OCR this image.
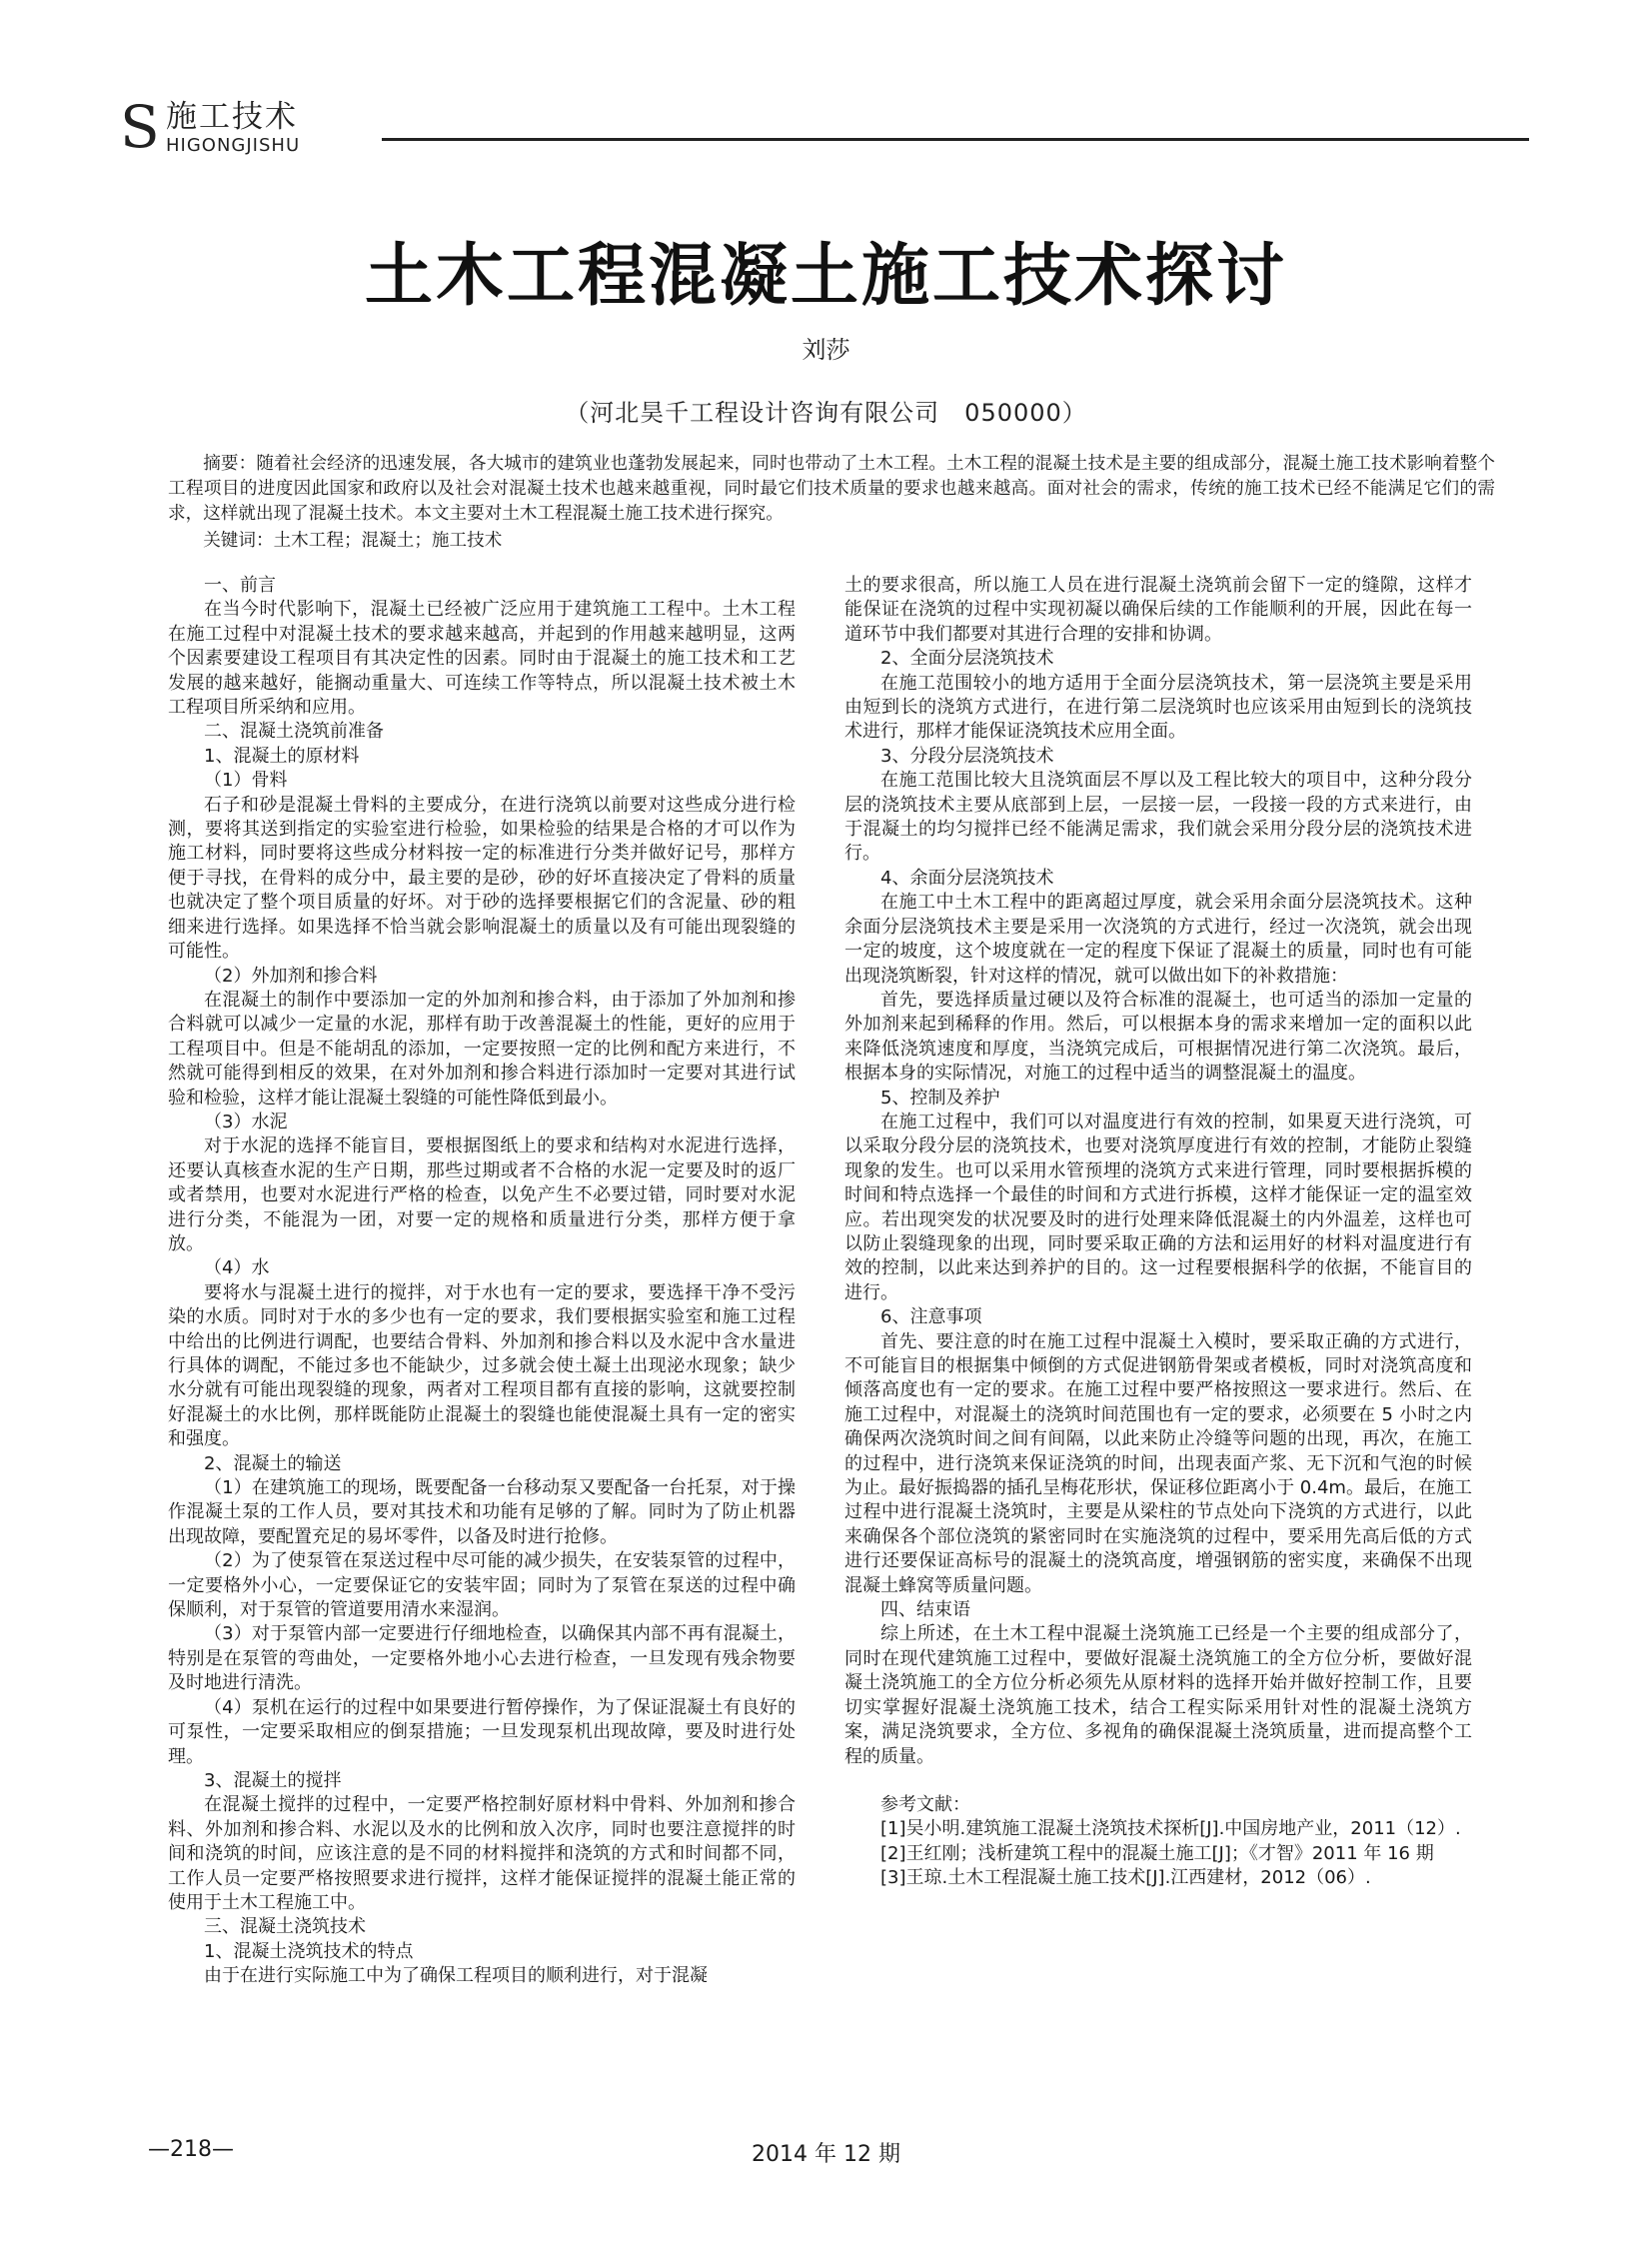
S 施工技术
HIGONGJISHU
土木工程混凝土施工技术探讨
刘莎
（河北昊千工程设计咨询有限公司　050000）
摘要：随着社会经济的迅速发展，各大城市的建筑业也蓬勃发展起来，同时也带动了土木工程。土木工程的混凝土技术是主要的组成部分，混凝土施工技术影响着整个工程项目的进度因此国家和政府以及社会对混凝土技术也越来越重视，同时最它们技术质量的要求也越来越高。面对社会的需求，传统的施工技术已经不能满足它们的需求，这样就出现了混凝土技术。本文主要对土木工程混凝土施工技术进行探究。
关键词：土木工程；混凝土；施工技术

一、前言

在当今时代影响下，混凝土已经被广泛应用于建筑施工工程中。土木工程在施工过程中对混凝土技术的要求越来越高，并起到的作用越来越明显，这两个因素要建设工程项目有其决定性的因素。同时由于混凝土的施工技术和工艺发展的越来越好，能搁动重量大、可连续工作等特点，所以混凝土技术被土木工程项目所采纳和应用。

二、混凝土浇筑前准备

1、混凝土的原材料

（1）骨料

石子和砂是混凝土骨料的主要成分，在进行浇筑以前要对这些成分进行检测，要将其送到指定的实验室进行检验，如果检验的结果是合格的才可以作为施工材料，同时要将这些成分材料按一定的标准进行分类并做好记号，那样方便于寻找，在骨料的成分中，最主要的是砂，砂的好坏直接决定了骨料的质量也就决定了整个项目质量的好坏。对于砂的选择要根据它们的含泥量、砂的粗细来进行选择。如果选择不恰当就会影响混凝土的质量以及有可能出现裂缝的可能性。

（2）外加剂和掺合料

在混凝土的制作中要添加一定的外加剂和掺合料，由于添加了外加剂和掺合料就可以减少一定量的水泥，那样有助于改善混凝土的性能，更好的应用于工程项目中。但是不能胡乱的添加，一定要按照一定的比例和配方来进行，不然就可能得到相反的效果，在对外加剂和掺合料进行添加时一定要对其进行试验和检验，这样才能让混凝土裂缝的可能性降低到最小。

（3）水泥

对于水泥的选择不能盲目，要根据图纸上的要求和结构对水泥进行选择，还要认真核查水泥的生产日期，那些过期或者不合格的水泥一定要及时的返厂或者禁用，也要对水泥进行严格的检查，以免产生不必要过错，同时要对水泥进行分类，不能混为一团，对要一定的规格和质量进行分类，那样方便于拿放。

（4）水

要将水与混凝土进行的搅拌，对于水也有一定的要求，要选择干净不受污染的水质。同时对于水的多少也有一定的要求，我们要根据实验室和施工过程中给出的比例进行调配，也要结合骨料、外加剂和掺合料以及水泥中含水量进行具体的调配，不能过多也不能缺少，过多就会使土凝土出现泌水现象；缺少水分就有可能出现裂缝的现象，两者对工程项目都有直接的影响，这就要控制好混凝土的水比例，那样既能防止混凝土的裂缝也能使混凝土具有一定的密实和强度。

2、混凝土的输送

（1）在建筑施工的现场，既要配备一台移动泵又要配备一台托泵，对于操作混凝土泵的工作人员，要对其技术和功能有足够的了解。同时为了防止机器出现故障，要配置充足的易坏零件，以备及时进行抢修。

（2）为了使泵管在泵送过程中尽可能的减少损失，在安装泵管的过程中，一定要格外小心，一定要保证它的安装牢固；同时为了泵管在泵送的过程中确保顺利，对于泵管的管道要用清水来湿润。

（3）对于泵管内部一定要进行仔细地检查，以确保其内部不再有混凝土，特别是在泵管的弯曲处，一定要格外地小心去进行检查，一旦发现有残余物要及时地进行清洗。

（4）泵机在运行的过程中如果要进行暂停操作，为了保证混凝土有良好的可泵性，一定要采取相应的倒泵措施；一旦发现泵机出现故障，要及时进行处理。

3、混凝土的搅拌

在混凝土搅拌的过程中，一定要严格控制好原材料中骨料、外加剂和掺合料、外加剂和掺合料、水泥以及水的比例和放入次序，同时也要注意搅拌的时间和浇筑的时间，应该注意的是不同的材料搅拌和浇筑的方式和时间都不同，工作人员一定要严格按照要求进行搅拌，这样才能保证搅拌的混凝土能正常的使用于土木工程施工中。

三、混凝土浇筑技术

1、混凝土浇筑技术的特点

由于在进行实际施工中为了确保工程项目的顺利进行，对于混凝

土的要求很高，所以施工人员在进行混凝土浇筑前会留下一定的缝隙，这样才能保证在浇筑的过程中实现初凝以确保后续的工作能顺利的开展，因此在每一道环节中我们都要对其进行合理的安排和协调。

2、全面分层浇筑技术

在施工范围较小的地方适用于全面分层浇筑技术，第一层浇筑主要是采用由短到长的浇筑方式进行，在进行第二层浇筑时也应该采用由短到长的浇筑技术进行，那样才能保证浇筑技术应用全面。

3、分段分层浇筑技术

在施工范围比较大且浇筑面层不厚以及工程比较大的项目中，这种分段分层的浇筑技术主要从底部到上层，一层接一层，一段接一段的方式来进行，由于混凝土的均匀搅拌已经不能满足需求，我们就会采用分段分层的浇筑技术进行。

4、余面分层浇筑技术

在施工中土木工程中的距离超过厚度，就会采用余面分层浇筑技术。这种余面分层浇筑技术主要是采用一次浇筑的方式进行，经过一次浇筑，就会出现一定的坡度，这个坡度就在一定的程度下保证了混凝土的质量，同时也有可能出现浇筑断裂，针对这样的情况，就可以做出如下的补救措施：

首先，要选择质量过硬以及符合标准的混凝土，也可适当的添加一定量的外加剂来起到稀释的作用。然后，可以根据本身的需求来增加一定的面积以此来降低浇筑速度和厚度，当浇筑完成后，可根据情况进行第二次浇筑。最后，根据本身的实际情况，对施工的过程中适当的调整混凝土的温度。

5、控制及养护

在施工过程中，我们可以对温度进行有效的控制，如果夏天进行浇筑，可以采取分段分层的浇筑技术，也要对浇筑厚度进行有效的控制，才能防止裂缝现象的发生。也可以采用水管预埋的浇筑方式来进行管理，同时要根据拆模的时间和特点选择一个最佳的时间和方式进行拆模，这样才能保证一定的温室效应。若出现突发的状况要及时的进行处理来降低混凝土的内外温差，这样也可以防止裂缝现象的出现，同时要采取正确的方法和运用好的材料对温度进行有效的控制，以此来达到养护的目的。这一过程要根据科学的依据，不能盲目的进行。

6、注意事项

首先、要注意的时在施工过程中混凝土入模时，要采取正确的方式进行，不可能盲目的根据集中倾倒的方式促进钢筋骨架或者模板，同时对浇筑高度和倾落高度也有一定的要求。在施工过程中要严格按照这一要求进行。然后、在施工过程中，对混凝土的浇筑时间范围也有一定的要求，必须要在 5 小时之内确保两次浇筑时间之间有间隔，以此来防止冷缝等问题的出现，再次，在施工的过程中，进行浇筑来保证浇筑的时间，出现表面产浆、无下沉和气泡的时候为止。最好振捣器的插孔呈梅花形状，保证移位距离小于 0.4m。最后，在施工过程中进行混凝土浇筑时，主要是从梁柱的节点处向下浇筑的方式进行，以此来确保各个部位浇筑的紧密同时在实施浇筑的过程中，要采用先高后低的方式进行还要保证高标号的混凝土的浇筑高度，增强钢筋的密实度，来确保不出现混凝土蜂窝等质量问题。

四、结束语

综上所述，在土木工程中混凝土浇筑施工已经是一个主要的组成部分了，同时在现代建筑施工过程中，要做好混凝土浇筑施工的全方位分析，要做好混凝土浇筑施工的全方位分析必须先从原材料的选择开始并做好控制工作，且要切实掌握好混凝土浇筑施工技术，结合工程实际采用针对性的混凝土浇筑方案，满足浇筑要求，全方位、多视角的确保混凝土浇筑质量，进而提高整个工程的质量。

参考文献：

[1]吴小明.建筑施工混凝土浇筑技术探析[J].中国房地产业，2011（12）.

[2]王红刚；浅析建筑工程中的混凝土施工[J]；《才智》2011 年 16 期

[3]王琼.土木工程混凝土施工技术[J].江西建材，2012（06）.

—218—	2014 年 12 期
